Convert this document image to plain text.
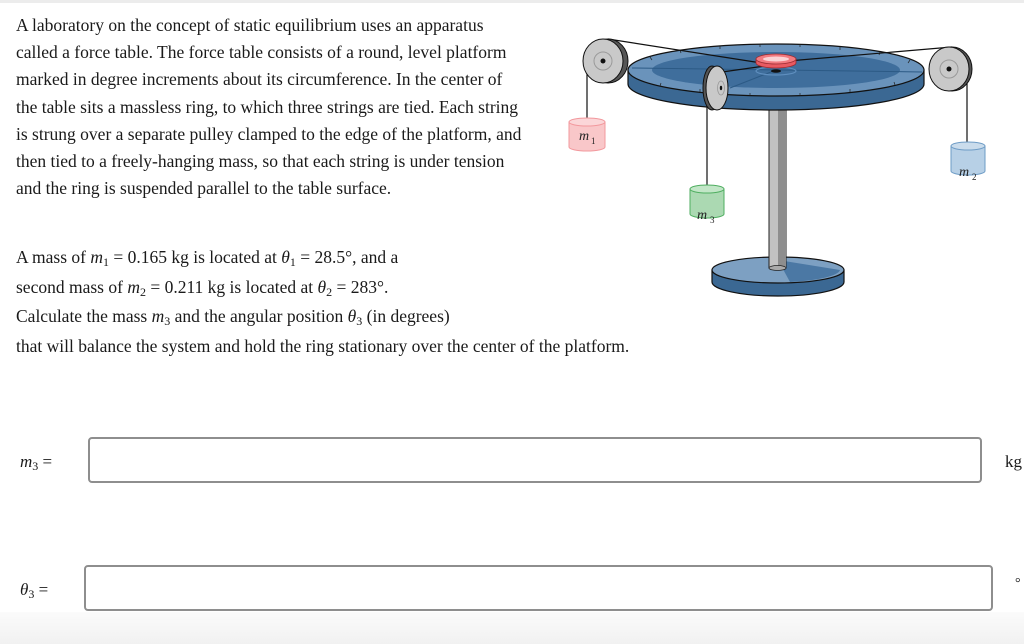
A laboratory on the concept of static equilibrium uses an apparatus called a force table. The force table consists of a round, level platform marked in degree increments about its circumference. In the center of the table sits a massless ring, to which three strings are tied. Each string is strung over a separate pulley clamped to the edge of the platform, and then tied to a freely-hanging mass, so that each string is under tension and the ring is suspended parallel to the table surface.

m 1
m 2
m 3
A mass of $m_1 = 0.165$ kg is located at $\theta_1 = 28.5^\circ$, and a
second mass of $m_2 = 0.211$ kg is located at $\theta_2 = 283^\circ$.
Calculate the mass $m_3$ and the angular position $\theta_3$ (in degrees)
that will balance the system and hold the ring stationary over the center of the platform.
$m_3$ =	kg
$\theta_3$ =	°
